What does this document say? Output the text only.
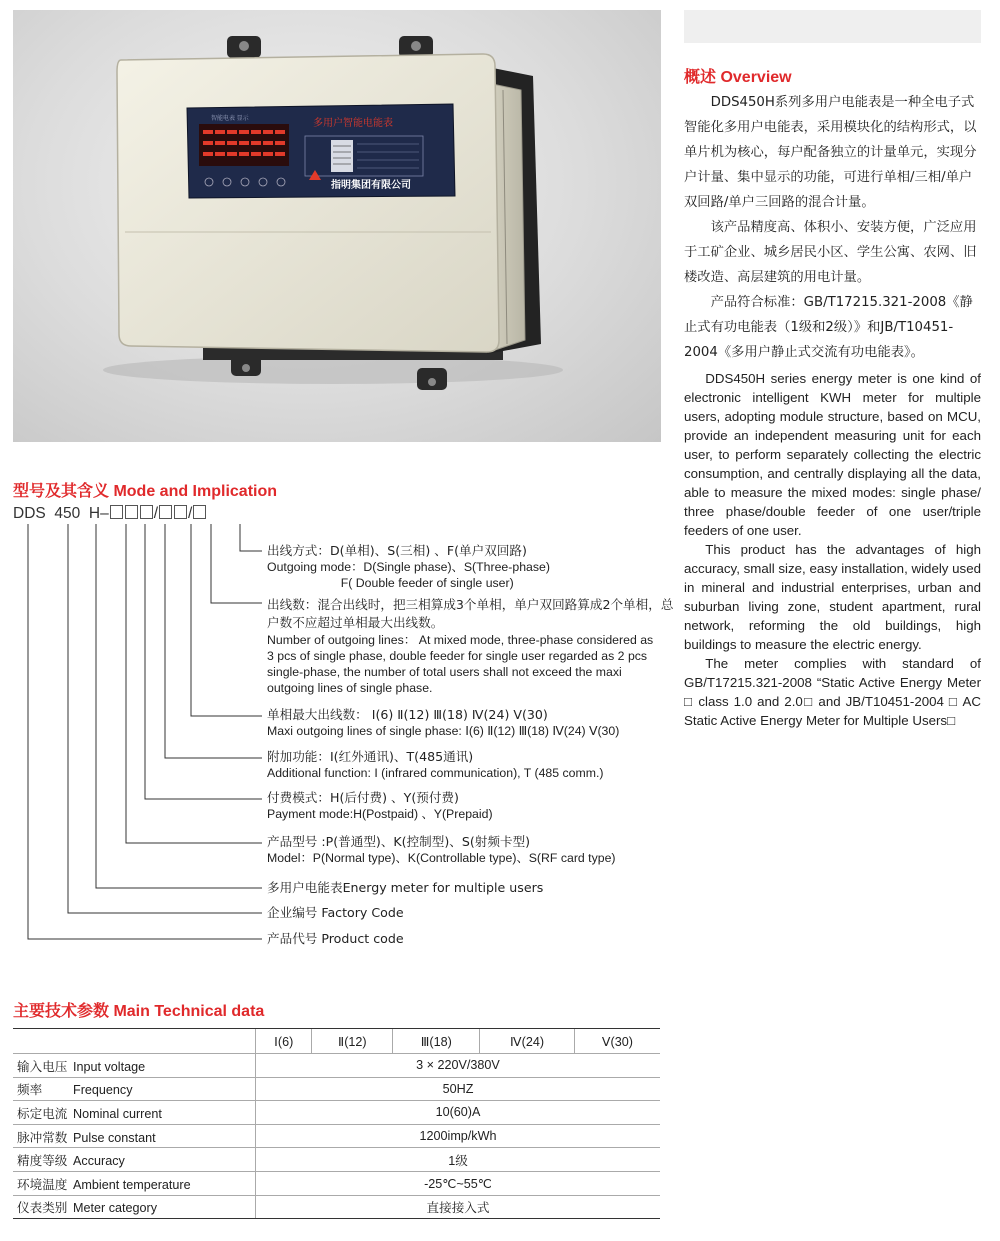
智能电表 显示	多用户智能电能表
指明集团有限公司
概述 Overview

DDS450H系列多用户电能表是一种全电子式智能化多用户电能表，采用模块化的结构形式，以单片机为核心，每户配备独立的计量单元，实现分户计量、集中显示的功能，可进行单相/三相/单户双回路/单户三回路的混合计量。

该产品精度高、体积小、安装方便，广泛应用于工矿企业、城乡居民小区、学生公寓、农网、旧楼改造、高层建筑的用电计量。

产品符合标准：GB/T17215.321-2008《静止式有功电能表（1级和2级）》和JB/T10451-2004《多用户静止式交流有功电能表》。

DDS450H series energy meter is one kind of electronic intelligent KWH meter for multiple users, adopting module structure, based on MCU, provide an independent measuring unit for each user, to perform separately collecting the electric consumption, and centrally displaying all the data, able to measure the mixed modes: single phase/ three phase/double feeder of one user/triple feeders of one user.

This product has the advantages of high accuracy, small size, easy installation, widely used in mineral and industrial enterprises, urban and suburban living zone, student apartment, rural network, reforming the old buildings, high buildings to measure the electric energy.

The meter complies with standard of GB/T17215.321-2008 “Static Active Energy Meter □ class 1.0 and 2.0□ and JB/T10451-2004 □ AC Static Active Energy Meter for Multiple Users□

型号及其含义 Mode and Implication
DDS 450 H–	/ /
出线方式：D(单相)、S(三相) 、F(单户双回路)
Outgoing mode：D(Single phase)、S(Three-phase)
　　　　　　F( Double feeder of single user)
出线数：混合出线时，把三相算成3个单相，单户双回路算成2个单相，总户数不应超过单相最大出线数。
Number of outgoing lines： At mixed mode, three-phase considered as 3 pcs of single phase, double feeder for single user regarded as 2 pcs single-phase, the number of total users shall not exceed the maxi outgoing lines of single phase.
单相最大出线数： Ⅰ(6) Ⅱ(12) Ⅲ(18) Ⅳ(24) Ⅴ(30)
Maxi outgoing lines of single phase: Ⅰ(6) Ⅱ(12) Ⅲ(18) Ⅳ(24) Ⅴ(30)
附加功能：I(红外通讯)、T(485通讯)
Additional function: I (infrared communication), T (485 comm.)
付费模式：H(后付费) 、Y(预付费)
Payment mode:H(Postpaid) 、Y(Prepaid)
产品型号 :P(普通型)、K(控制型)、S(射频卡型)
Model：P(Normal type)、K(Controllable type)、S(RF card type)
多用户电能表Energy meter for multiple users
企业编号 Factory Code
产品代号 Product code
主要技术参数 Main Technical data
	Ⅰ(6)	Ⅱ(12)	Ⅲ(18)	Ⅳ(24)	Ⅴ(30)
输入电压 Input voltage	3 × 220V/380V				
频率 Frequency	50HZ				
标定电流 Nominal current	10(60)A				
脉冲常数 Pulse constant	1200imp/kWh				
精度等级 Accuracy	1级				
环境温度 Ambient temperature	-25℃~55℃				
仪表类别 Meter category	直接接入式				
